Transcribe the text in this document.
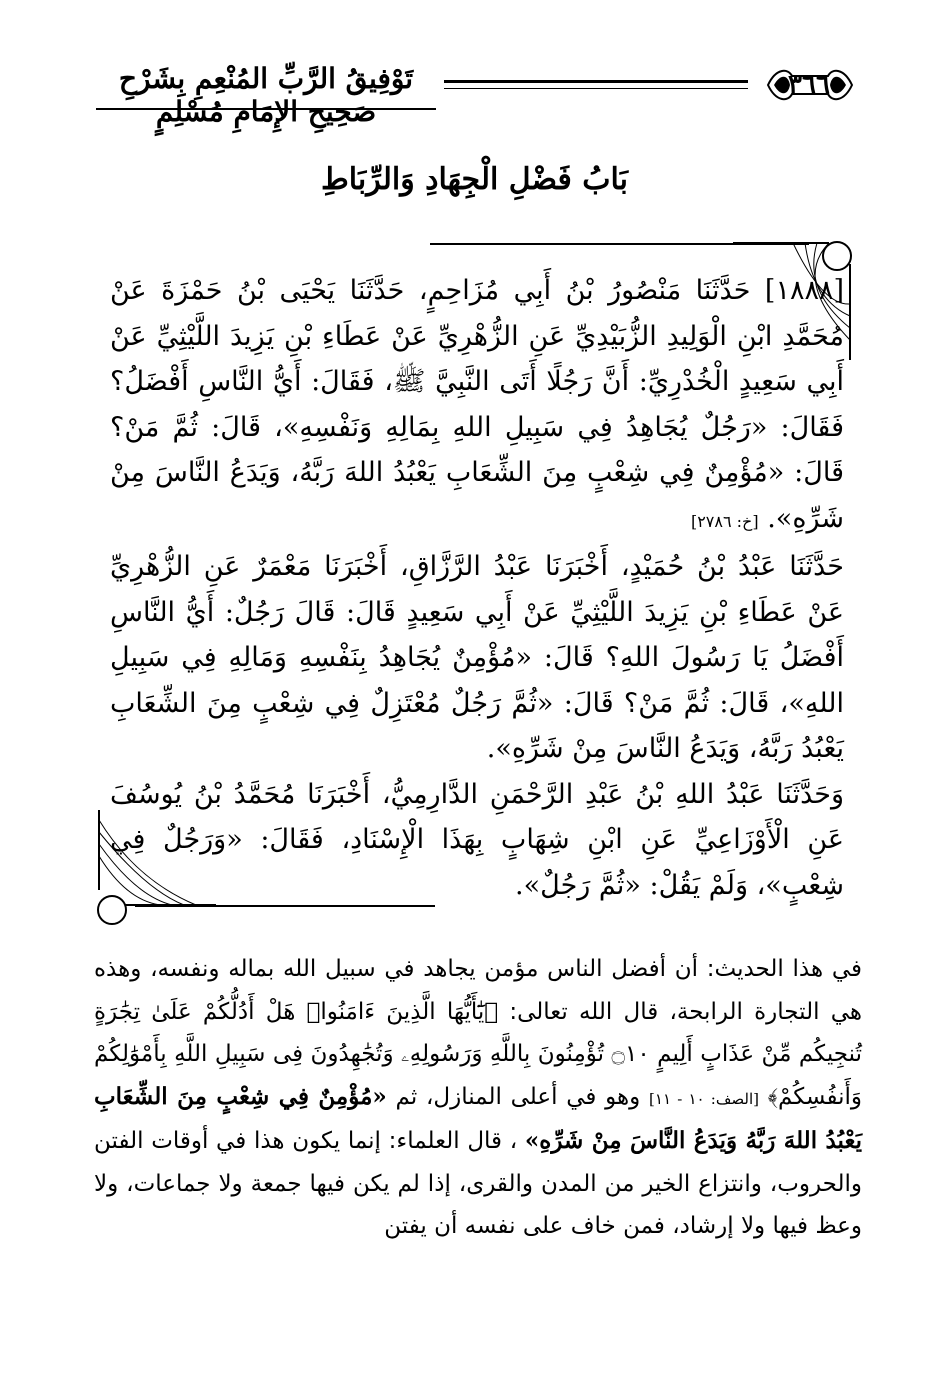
٣٦٦
تَوْفِيقُ الرَّبِّ المُنْعِمِ بِشَرْحِ صَحِيحِ الإِمَامِ مُسْلِمٍ
بَابُ فَضْلِ الْجِهَادِ وَالرِّبَاطِ

[١٨٨٨] حَدَّثَنَا مَنْصُورُ بْنُ أَبِي مُزَاحِمٍ، حَدَّثَنَا يَحْيَى بْنُ حَمْزَةَ عَنْ مُحَمَّدِ ابْنِ الْوَلِيدِ الزُّبَيْدِيِّ عَنِ الزُّهْرِيِّ عَنْ عَطَاءِ بْنِ يَزِيدَ اللَّيْثِيِّ عَنْ أَبِي سَعِيدٍ الْخُدْرِيِّ: أَنَّ رَجُلًا أَتَى النَّبِيَّ ﷺ، فَقَالَ: أَيُّ النَّاسِ أَفْضَلُ؟ فَقَالَ: «رَجُلٌ يُجَاهِدُ فِي سَبِيلِ اللهِ بِمَالِهِ وَنَفْسِهِ»، قَالَ: ثُمَّ مَنْ؟ قَالَ: «مُؤْمِنٌ فِي شِعْبٍ مِنَ الشِّعَابِ يَعْبُدُ اللهَ رَبَّهُ، وَيَدَعُ النَّاسَ مِنْ شَرِّهِ». [خ: ٢٧٨٦]

حَدَّثَنَا عَبْدُ بْنُ حُمَيْدٍ، أَخْبَرَنَا عَبْدُ الرَّزَّاقِ، أَخْبَرَنَا مَعْمَرٌ عَنِ الزُّهْرِيِّ عَنْ عَطَاءِ بْنِ يَزِيدَ اللَّيْثِيِّ عَنْ أَبِي سَعِيدٍ قَالَ: قَالَ رَجُلٌ: أَيُّ النَّاسِ أَفْضَلُ يَا رَسُولَ اللهِ؟ قَالَ: «مُؤْمِنٌ يُجَاهِدُ بِنَفْسِهِ وَمَالِهِ فِي سَبِيلِ اللهِ»، قَالَ: ثُمَّ مَنْ؟ قَالَ: «ثُمَّ رَجُلٌ مُعْتَزِلٌ فِي شِعْبٍ مِنَ الشِّعَابِ يَعْبُدُ رَبَّهُ، وَيَدَعُ النَّاسَ مِنْ شَرِّهِ».

وَحَدَّثَنَا عَبْدُ اللهِ بْنُ عَبْدِ الرَّحْمَنِ الدَّارِمِيُّ، أَخْبَرَنَا مُحَمَّدُ بْنُ يُوسُفَ عَنِ الْأَوْزَاعِيِّ عَنِ ابْنِ شِهَابٍ بِهَذَا الْإِسْنَادِ، فَقَالَ: «وَرَجُلٌ فِي شِعْبٍ»، وَلَمْ يَقُلْ: «ثُمَّ رَجُلٌ».

في هذا الحديث: أن أفضل الناس مؤمن يجاهد في سبيل الله بماله ونفسه، وهذه هي التجارة الرابحة، قال الله تعالى: ﴿يَٰٓأَيُّهَا الَّذِينَ ءَامَنُوا۟ هَلْ أَدُلُّكُمْ عَلَىٰ تِجَٰرَةٍ تُنجِيكُم مِّنْ عَذَابٍ أَلِيمٍ ۝١٠ تُؤْمِنُونَ بِاللَّهِ وَرَسُولِهِۦ وَتُجَٰهِدُونَ فِى سَبِيلِ اللَّهِ بِأَمْوَٰلِكُمْ وَأَنفُسِكُمْ﴾ [الصف: ١٠ - ١١] وهو في أعلى المنازل، ثم «مُؤْمِنٌ فِي شِعْبٍ مِنَ الشِّعَابِ يَعْبُدُ اللهَ رَبَّهُ وَيَدَعُ النَّاسَ مِنْ شَرِّهِ» ، قال العلماء: إنما يكون هذا في أوقات الفتن والحروب، وانتزاع الخير من المدن والقرى، إذا لم يكن فيها جمعة ولا جماعات، ولا وعظ فيها ولا إرشاد، فمن خاف على نفسه أن يفتن
